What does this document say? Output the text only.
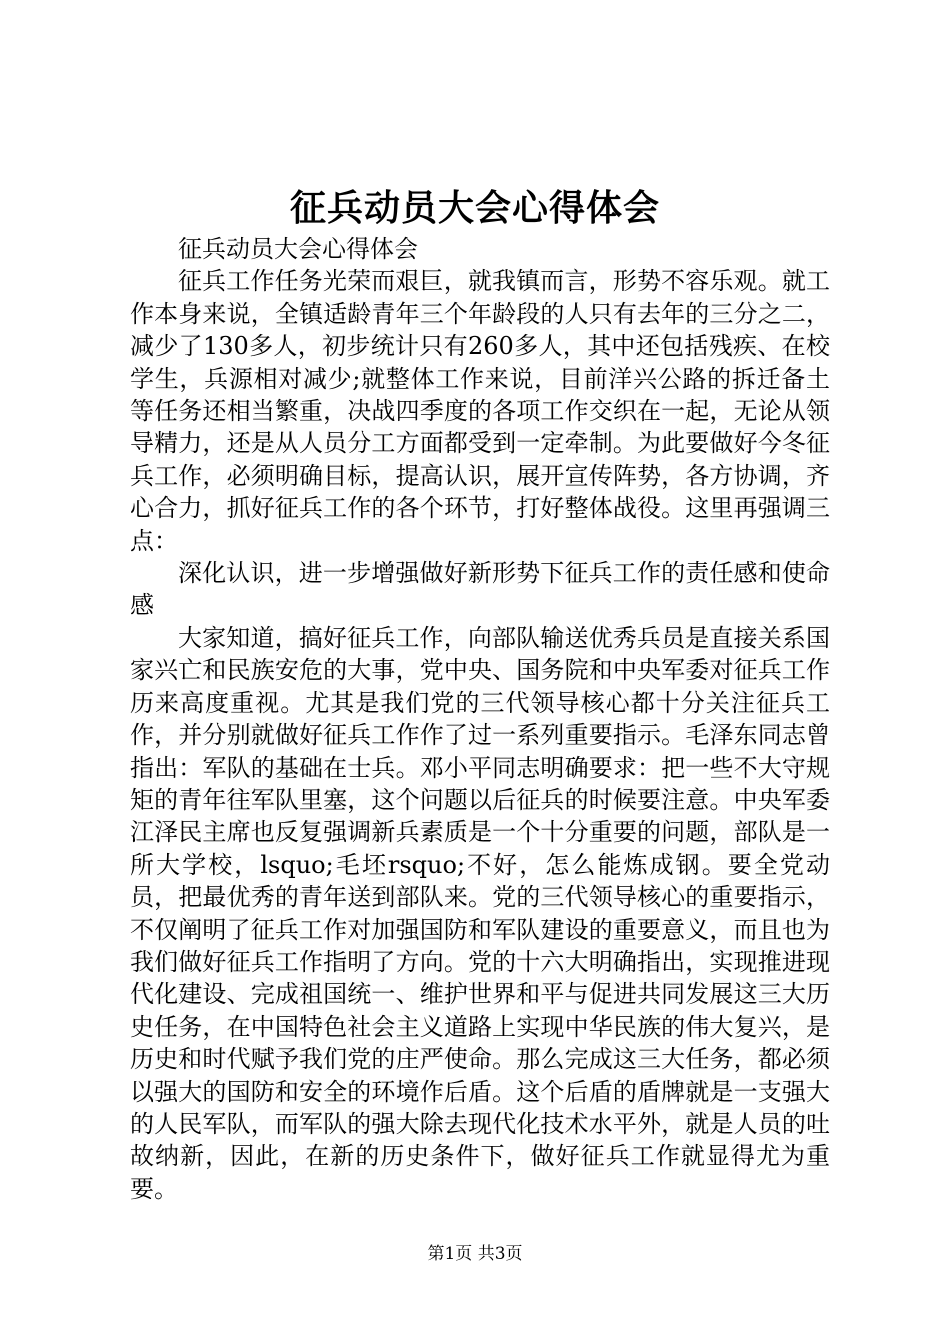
征兵动员大会心得体会

征兵动员大会心得体会

征兵工作任务光荣而艰巨，就我镇而言，形势不容乐观。就工作本身来说，全镇适龄青年三个年龄段的人只有去年的三分之二，减少了130多人，初步统计只有260多人，其中还包括残疾、在校学生，兵源相对减少;就整体工作来说，目前洋兴公路的拆迁备土等任务还相当繁重，决战四季度的各项工作交织在一起，无论从领导精力，还是从人员分工方面都受到一定牵制。为此要做好今冬征兵工作，必须明确目标，提高认识，展开宣传阵势，各方协调，齐心合力，抓好征兵工作的各个环节，打好整体战役。这里再强调三点：

深化认识，进一步增强做好新形势下征兵工作的责任感和使命感

大家知道，搞好征兵工作，向部队输送优秀兵员是直接关系国家兴亡和民族安危的大事，党中央、国务院和中央军委对征兵工作历来高度重视。尤其是我们党的三代领导核心都十分关注征兵工作，并分别就做好征兵工作作了过一系列重要指示。毛泽东同志曾指出：军队的基础在士兵。邓小平同志明确要求：把一些不大守规矩的青年往军队里塞，这个问题以后征兵的时候要注意。中央军委江泽民主席也反复强调新兵素质是一个十分重要的问题，部队是一所大学校，lsquo;毛坯rsquo;不好，怎么能炼成钢。要全党动员，把最优秀的青年送到部队来。党的三代领导核心的重要指示，不仅阐明了征兵工作对加强国防和军队建设的重要意义，而且也为我们做好征兵工作指明了方向。党的十六大明确指出，实现推进现代化建设、完成祖国统一、维护世界和平与促进共同发展这三大历史任务，在中国特色社会主义道路上实现中华民族的伟大复兴，是历史和时代赋予我们党的庄严使命。那么完成这三大任务，都必须以强大的国防和安全的环境作后盾。这个后盾的盾牌就是一支强大的人民军队，而军队的强大除去现代化技术水平外，就是人员的吐故纳新，因此，在新的历史条件下，做好征兵工作就显得尤为重要。

第1页 共3页
